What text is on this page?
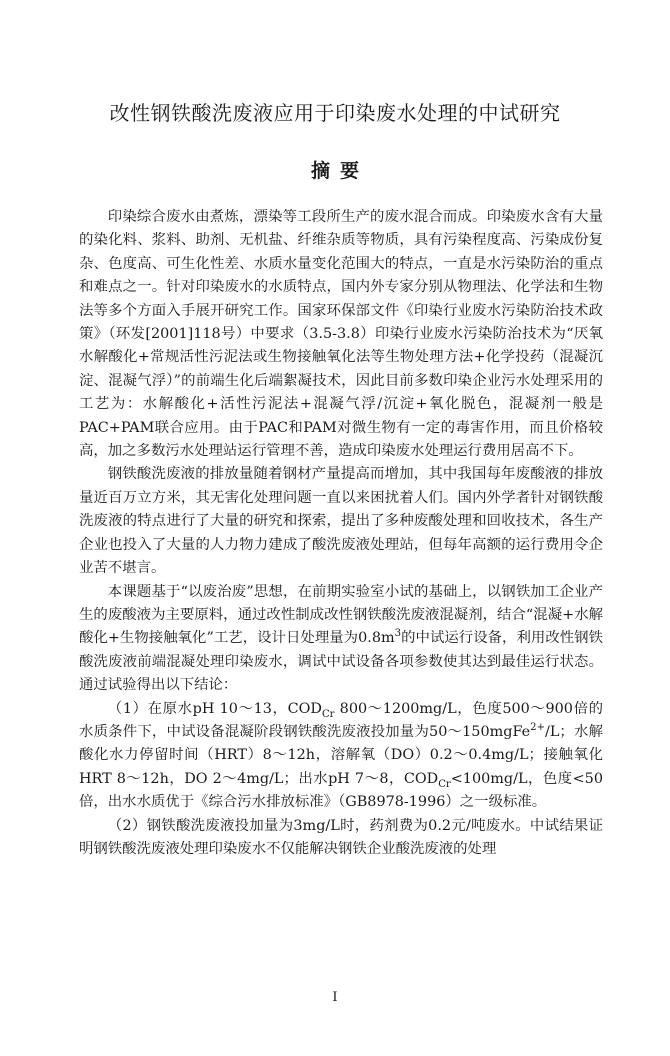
改性钢铁酸洗废液应用于印染废水处理的中试研究
摘要

印染综合废水由煮炼，漂染等工段所生产的废水混合而成。印染废水含有大量的染化料、浆料、助剂、无机盐、纤维杂质等物质，具有污染程度高、污染成份复杂、色度高、可生化性差、水质水量变化范围大的特点，一直是水污染防治的重点和难点之一。针对印染废水的水质特点，国内外专家分别从物理法、化学法和生物法等多个方面入手展开研究工作。国家环保部文件《印染行业废水污染防治技术政策》（环发[2001]118号）中要求（3.5-3.8）印染行业废水污染防治技术为“厌氧水解酸化+常规活性污泥法或生物接触氧化法等生物处理方法+化学投药（混凝沉淀、混凝气浮）”的前端生化后端絮凝技术，因此目前多数印染企业污水处理采用的工艺为：水解酸化+活性污泥法+混凝气浮/沉淀+氧化脱色，混凝剂一般是PAC+PAM联合应用。由于PAC和PAM对微生物有一定的毒害作用，而且价格较高，加之多数污水处理站运行管理不善，造成印染废水处理运行费用居高不下。

钢铁酸洗废液的排放量随着钢材产量提高而增加，其中我国每年废酸液的排放量近百万立方米，其无害化处理问题一直以来困扰着人们。国内外学者针对钢铁酸洗废液的特点进行了大量的研究和探索，提出了多种废酸处理和回收技术，各生产企业也投入了大量的人力物力建成了酸洗废液处理站，但每年高额的运行费用令企业苦不堪言。

本课题基于“以废治废”思想，在前期实验室小试的基础上，以钢铁加工企业产生的废酸液为主要原料，通过改性制成改性钢铁酸洗废液混凝剂，结合“混凝+水解酸化+生物接触氧化”工艺，设计日处理量为$0.8m^3$的中试运行设备，利用改性钢铁酸洗废液前端混凝处理印染废水，调试中试设备各项参数使其达到最佳运行状态。通过试验得出以下结论：

（1）在原水pH 10～13，$COD_{Cr}$ 800～1200mg/L，色度500～900倍的水质条件下，中试设备混凝阶段钢铁酸洗废液投加量为50～150mgFe$^{2+}$/L；水解酸化水力停留时间（HRT）8～12h，溶解氧（DO）0.2～0.4mg/L；接触氧化HRT 8～12h，DO 2～4mg/L；出水pH 7～8，$COD_{Cr}<100mg/L$，色度<50倍，出水水质优于《综合污水排放标准》（GB8978-1996）之一级标准。

（2）钢铁酸洗废液投加量为3mg/L时，药剂费为0.2元/吨废水。中试结果证明钢铁酸洗废液处理印染废水不仅能解决钢铁企业酸洗废液的处理

I
